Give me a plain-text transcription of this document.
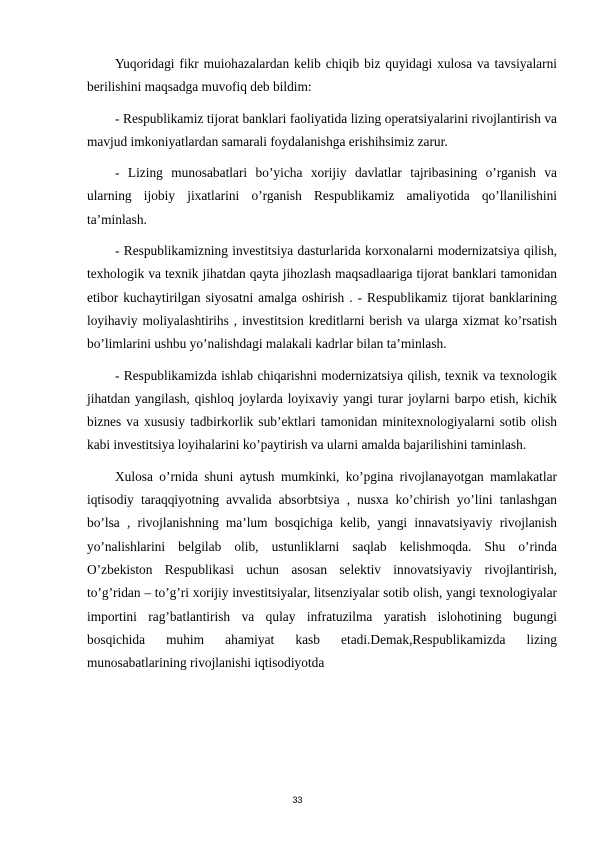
Yuqoridagi fikr muiohazalardan kelib chiqib biz quyidagi xulosa va tavsiyalarni berilishini maqsadga muvofiq deb bildim:

- Respublikamiz tijorat banklari faoliyatida lizing operatsiyalarini rivojlantirish va mavjud imkoniyatlardan samarali foydalanishga erishihsimiz zarur.

- Lizing munosabatlari bo’yicha xorijiy davlatlar tajribasining o’rganish va ularning ijobiy jixatlarini o’rganish Respublikamiz amaliyotida qo’llanilishini ta’minlash.

- Respublikamizning investitsiya dasturlarida korxonalarni modernizatsiya qilish, texhologik va texnik jihatdan qayta jihozlash maqsadlaariga tijorat banklari tamonidan etibor kuchaytirilgan siyosatni amalga oshirish . - Respublikamiz tijorat banklarining loyihaviy moliyalashtirihs , investitsion kreditlarni berish va ularga xizmat ko’rsatish bo’limlarini ushbu yo’nalishdagi malakali kadrlar bilan ta’minlash.

- Respublikamizda ishlab chiqarishni modernizatsiya qilish, texnik va texnologik jihatdan yangilash, qishloq joylarda loyixaviy yangi turar joylarni barpo etish, kichik biznes va xususiy tadbirkorlik sub’ektlari tamonidan minitexnologiyalarni sotib olish kabi investitsiya loyihalarini ko’paytirish va ularni amalda bajarilishini taminlash.

Xulosa o’rnida shuni aytush mumkinki, ko’pgina rivojlanayotgan mamlakatlar iqtisodiy taraqqiyotning avvalida absorbtsiya , nusxa ko’chirish yo’lini tanlashgan bo’lsa , rivojlanishning ma’lum bosqichiga kelib, yangi innavatsiyaviy rivojlanish yo’nalishlarini belgilab olib, ustunliklarni saqlab kelishmoqda. Shu o’rinda O’zbekiston Respublikasi uchun asosan selektiv innovatsiyaviy rivojlantirish, to’g’ridan – to’g’ri xorijiy investitsiyalar, litsenziyalar sotib olish, yangi texnologiyalar importini rag’batlantirish va qulay infratuzilma yaratish islohotining bugungi bosqichida muhim ahamiyat kasb etadi.Demak,Respublikamizda lizing munosabatlarining rivojlanishi iqtisodiyotda

33
